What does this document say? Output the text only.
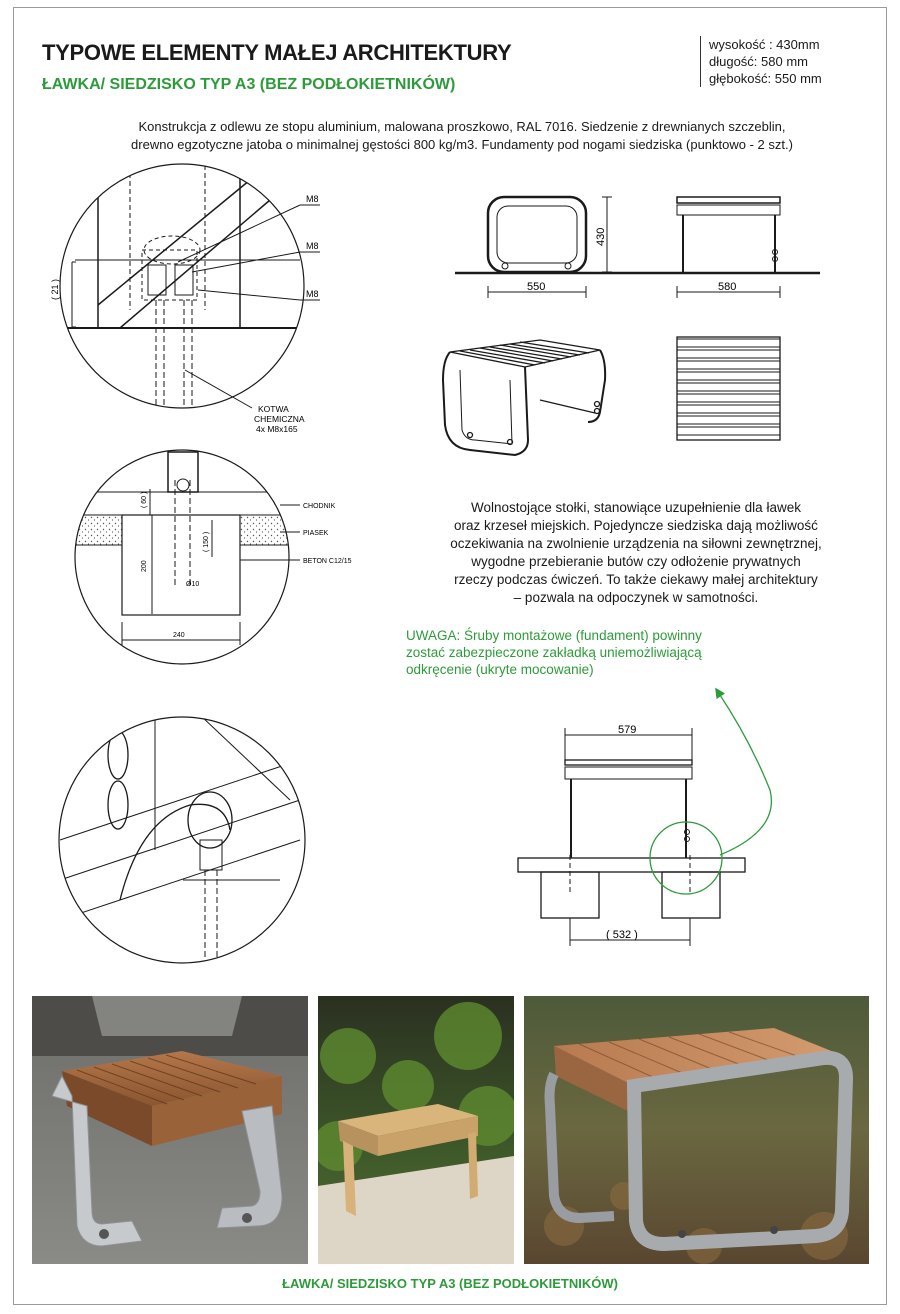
TYPOWE ELEMENTY MAŁEJ ARCHITEKTURY
ŁAWKA/ SIEDZISKO TYP A3 (BEZ PODŁOKIETNIKÓW)
wysokość : 430mm
długość: 580 mm
głębokość: 550 mm
Konstrukcja z odlewu ze stopu aluminium, malowana proszkowo, RAL 7016. Siedzenie z drewnianych szczeblin,
drewno egzotyczne jatoba o minimalnej gęstości 800 kg/m3. Fundamenty pod nogami siedziska (punktowo - 2 szt.)
( 21 )
M8
M8
M8
KOTWA
CHEMICZNA
4x M8x165
CHODNIK
PIASEK
BETON C12/15
( 60 )
( 150 )
200
Ø10
240
430
550	580
579
( 532 )
Wolnostojące stołki, stanowiące uzupełnienie dla ławek
oraz krzeseł miejskich. Pojedyncze siedziska dają możliwość
oczekiwania na zwolnienie urządzenia na siłowni zewnętrznej,
wygodne przebieranie butów czy odłożenie prywatnych
rzeczy podczas ćwiczeń. To także ciekawy małej architektury
– pozwala na odpoczynek w samotności.
UWAGA: Śruby montażowe (fundament) powinny
zostać zabezpieczone zakładką uniemożliwiającą
odkręcenie (ukryte mocowanie)
ŁAWKA/ SIEDZISKO TYP A3 (BEZ PODŁOKIETNIKÓW)
